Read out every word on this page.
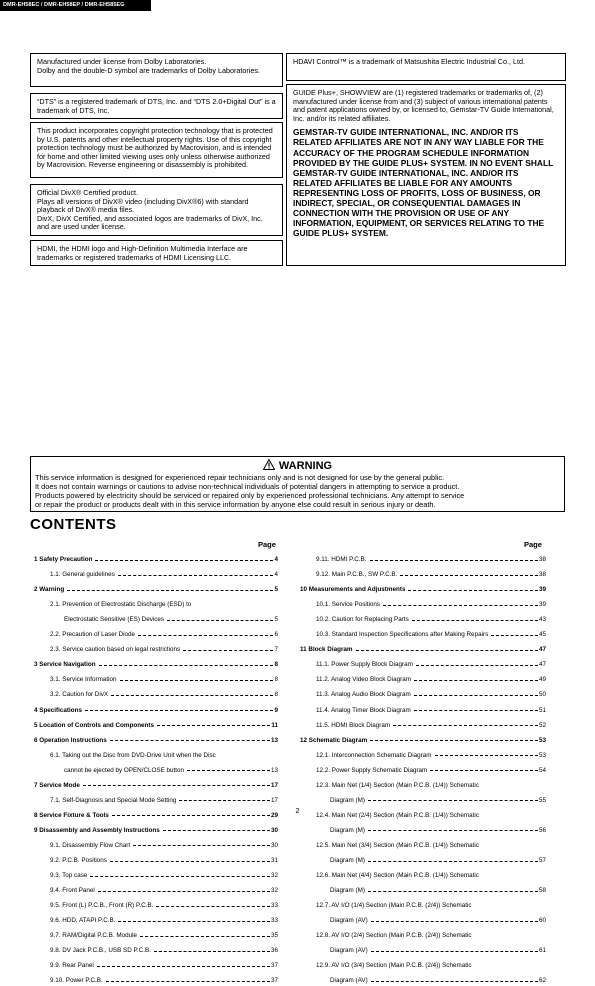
DMR-EH58EC / DMR-EH58EP / DMR-EH585EG

Manufactured under license from Dolby Laboratories.

Dolby and the double-D symbol are trademarks of Dolby Laboratories.

“DTS” is a registered trademark of DTS, Inc. and “DTS 2.0+Digital Out” is a trademark of DTS, Inc.

This product incorporates copyright protection technology that is protected by U.S. patents and other intellectual property rights. Use of this copyright protection technology must be authorized by Macrovision, and is intended for home and other limited viewing uses only unless otherwise authorized by Macrovision. Reverse engineering or disassembly is prohibited.

Official DivX® Certified product.

Plays all versions of DivX® video (including DivX®6) with standard playback of DivX® media files.

DivX, DivX Certified, and associated logos are trademarks of DivX, Inc. and are used under license.

HDMI, the HDMI logo and High-Definition Multimedia Interface are trademarks or registered trademarks of HDMI Licensing LLC.

HDAVI Control™ is a trademark of Matsushita Electric Industrial Co., Ltd.

GUIDE Plus+, SHOWVIEW are (1) registered trademarks or trademarks of, (2) manufactured under license from and (3) subject of various international patents and patent applications owned by, or licensed to, Gemstar-TV Guide International, Inc. and/or its related affiliates.

GEMSTAR-TV GUIDE INTERNATIONAL, INC. AND/OR ITS RELATED AFFILIATES ARE NOT IN ANY WAY LIABLE FOR THE ACCURACY OF THE PROGRAM SCHEDULE INFORMATION PROVIDED BY THE GUIDE PLUS+ SYSTEM. IN NO EVENT SHALL GEMSTAR-TV GUIDE INTERNATIONAL, INC. AND/OR ITS RELATED AFFILIATES BE LIABLE FOR ANY AMOUNTS REPRESENTING LOSS OF PROFITS, LOSS OF BUSINESS, OR INDIRECT, SPECIAL, OR CONSEQUENTIAL DAMAGES IN CONNECTION WITH THE PROVISION OR USE OF ANY INFORMATION, EQUIPMENT, OR SERVICES RELATING TO THE GUIDE PLUS+ SYSTEM.

WARNING
This service information is designed for experienced repair technicians only and is not designed for use by the general public.
It does not contain warnings or cautions to advise non-technical individuals of potential dangers in attempting to service a product.
Products powered by electricity should be serviced or repaired only by experienced professional technicians. Any attempt to service
or repair the product or products dealt with in this service information by anyone else could result in serious injury or death.
CONTENTS
Page	Page
1 Safety Precaution	4
1.1. General guidelines	4
2 Warning	5
2.1. Prevention of Electrostatic Discharge (ESD) to
Electrostatic Sensitive (ES) Devices	5
2.2. Precaution of Laser Diode	6
2.3. Service caution based on legal restrictions	7
3 Service Navigation	8
3.1. Service Information	8
3.2. Caution for DivX	8
4 Specifications	9
5 Location of Controls and Components	11
6 Operation Instructions	13
6.1. Taking out the Disc from DVD-Drive Unit when the Disc
cannot be ejected by OPEN/CLOSE button	13
7 Service Mode	17
7.1. Self-Diagnosis and Special Mode Setting	17
8 Service Fixture & Tools	29
9 Disassembly and Assembly Instructions	30
9.1. Disassembly Flow Chart	30
9.2. P.C.B. Positions	31
9.3. Top case	32
9.4. Front Panel	32
9.5. Front (L) P.C.B., Front (R) P.C.B.	33
9.6. HDD, ATAPI P.C.B.	33
9.7. RAM/Digital P.C.B. Module	35
9.8. DV Jack P.C.B., USB SD P.C.B.	36
9.9. Rear Panel	37
9.10. Power P.C.B.	37
9.11. HDMI P.C.B.	38
9.12. Main P.C.B., SW P.C.B.	38
10 Measurements and Adjustments	39
10.1. Service Positions	39
10.2. Caution for Replacing Parts	43
10.3. Standard Inspection Specifications after Making Repairs	45
11 Block Diagram	47
11.1. Power Supply Block Diagram	47
11.2. Analog Video Block Diagram	49
11.3. Analog Audio Block Diagram	50
11.4. Analog Timer Block Diagram	51
11.5. HDMI Block Diagram	52
12 Schematic Diagram	53
12.1. Interconnection Schematic Diagram	53
12.2. Power Supply Schematic Diagram	54
12.3. Main Net (1/4) Section (Main P.C.B. (1/4)) Schematic
Diagram (M)	55
12.4. Main Net (2/4) Section (Main P.C.B. (1/4)) Schematic
Diagram (M)	56
12.5. Main Net (3/4) Section (Main P.C.B. (1/4)) Schematic
Diagram (M)	57
12.6. Main Net (4/4) Section (Main P.C.B. (1/4)) Schematic
Diagram (M)	58
12.7. AV I/O (1/4) Section (Main P.C.B. (2/4)) Schematic
Diagram (AV)	60
12.8. AV I/O (2/4) Section (Main P.C.B. (2/4)) Schematic
Diagram (AV)	61
12.9. AV I/O (3/4) Section (Main P.C.B. (2/4)) Schematic
Diagram (AV)	62
2
